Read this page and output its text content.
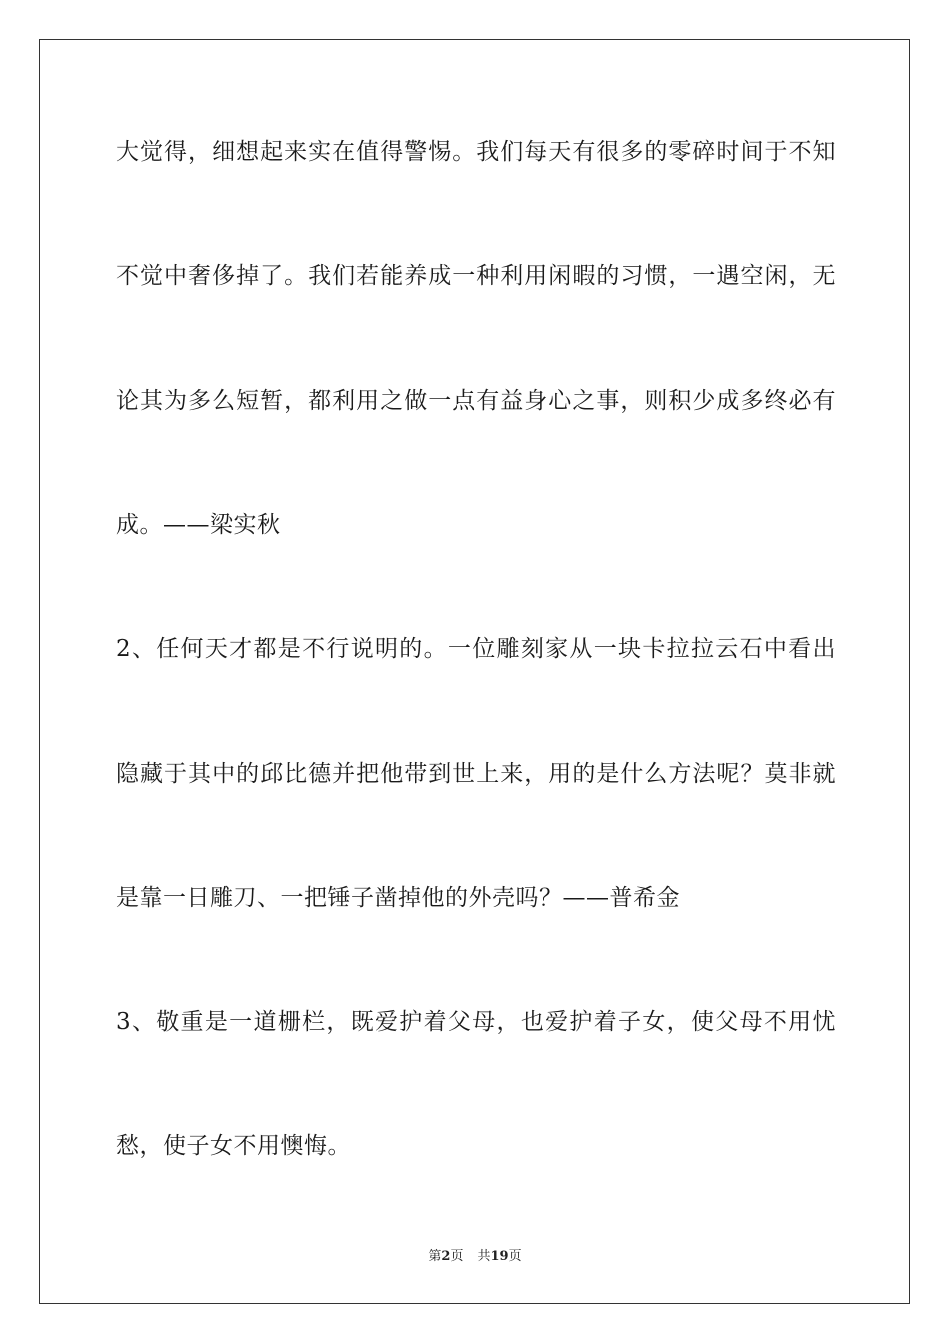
大觉得，细想起来实在值得警惕。我们每天有很多的零碎时间于不知
不觉中奢侈掉了。我们若能养成一种利用闲暇的习惯，一遇空闲，无
论其为多么短暂，都利用之做一点有益身心之事，则积少成多终必有
成。——梁实秋
2、任何天才都是不行说明的。一位雕刻家从一块卡拉拉云石中看出
隐藏于其中的邱比德并把他带到世上来，用的是什么方法呢？莫非就
是靠一日雕刀、一把锤子凿掉他的外壳吗？——普希金
3、敬重是一道栅栏，既爱护着父母，也爱护着子女，使父母不用忧
愁，使子女不用懊悔。
第2页 共19页
